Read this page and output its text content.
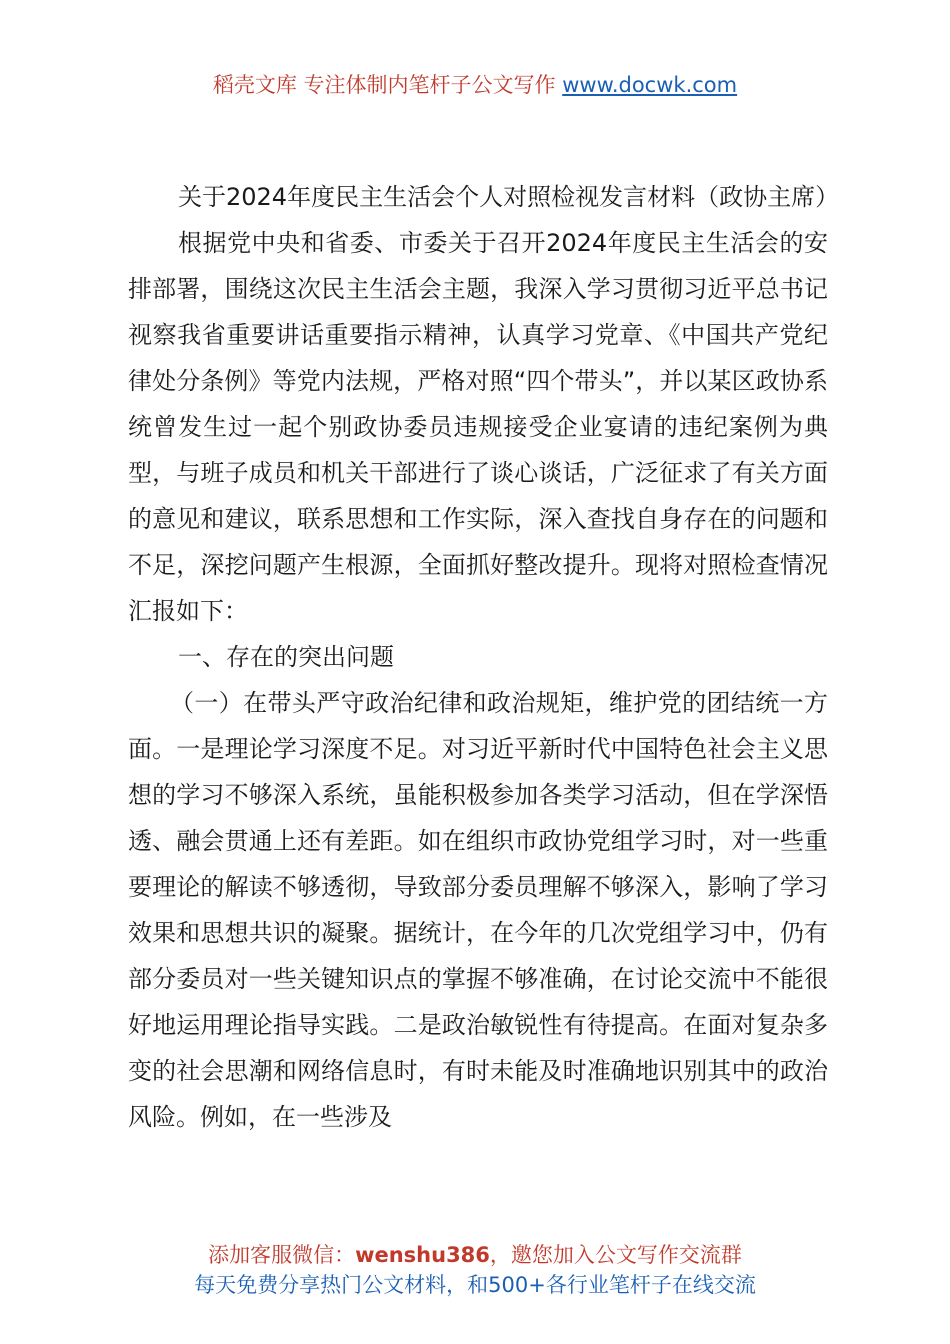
稻壳文库 专注体制内笔杆子公文写作 www.docwk.com

关于2024年度民主生活会个人对照检视发言材料（政协主席）

根据党中央和省委、市委关于召开2024年度民主生活会的安排部署，围绕这次民主生活会主题，我深入学习贯彻习近平总书记视察我省重要讲话重要指示精神，认真学习党章、《中国共产党纪律处分条例》等党内法规，严格对照“四个带头”，并以某区政协系统曾发生过一起个别政协委员违规接受企业宴请的违纪案例为典型，与班子成员和机关干部进行了谈心谈话，广泛征求了有关方面的意见和建议，联系思想和工作实际，深入查找自身存在的问题和不足，深挖问题产生根源，全面抓好整改提升。现将对照检查情况汇报如下：

一、存在的突出问题

（一）在带头严守政治纪律和政治规矩，维护党的团结统一方面。一是理论学习深度不足。对习近平新时代中国特色社会主义思想的学习不够深入系统，虽能积极参加各类学习活动，但在学深悟透、融会贯通上还有差距。如在组织市政协党组学习时，对一些重要理论的解读不够透彻，导致部分委员理解不够深入，影响了学习效果和思想共识的凝聚。据统计，在今年的几次党组学习中，仍有部分委员对一些关键知识点的掌握不够准确，在讨论交流中不能很好地运用理论指导实践。二是政治敏锐性有待提高。在面对复杂多变的社会思潮和网络信息时，有时未能及时准确地识别其中的政治风险。例如，在一些涉及

添加客服微信：wenshu386，邀您加入公文写作交流群
每天免费分享热门公文材料，和500+各行业笔杆子在线交流
